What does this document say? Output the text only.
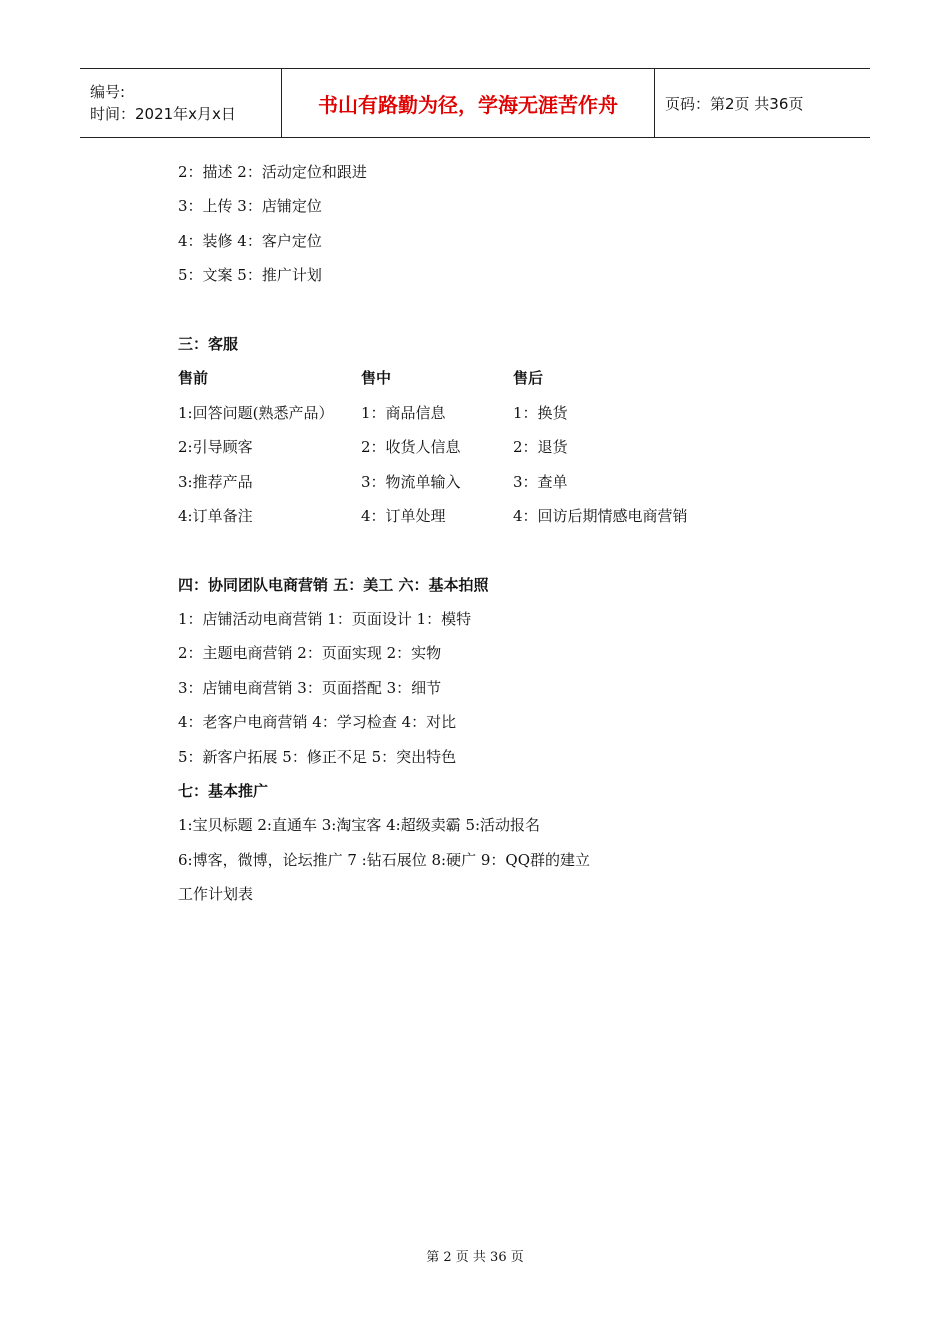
编号:
时间：2021年x月x日	书山有路勤为径，学海无涯苦作舟	页码：第2页 共36页
2：描述 2：活动定位和跟进
3：上传 3：店铺定位
4：装修 4：客户定位
5：文案 5：推广计划
三：客服
售前	售中	售后
1:回答问题(熟悉产品）	1：商品信息	1：换货
2:引导顾客	2：收货人信息	2：退货
3:推荐产品	3：物流单输入	3：查单
4:订单备注	4：订单处理	4：回访后期情感电商营销
四：协同团队电商营销 五：美工 六：基本拍照
1：店铺活动电商营销 1：页面设计 1：模特
2：主题电商营销 2：页面实现 2：实物
3：店铺电商营销 3：页面搭配 3：细节
4：老客户电商营销 4：学习检查 4：对比
5：新客户拓展 5：修正不足 5：突出特色
七：基本推广
1:宝贝标题 2:直通车 3:淘宝客 4:超级卖霸 5:活动报名
6:博客，微博，论坛推广 7 :钻石展位 8:硬广 9：QQ群的建立
工作计划表
第 2 页 共 36 页
